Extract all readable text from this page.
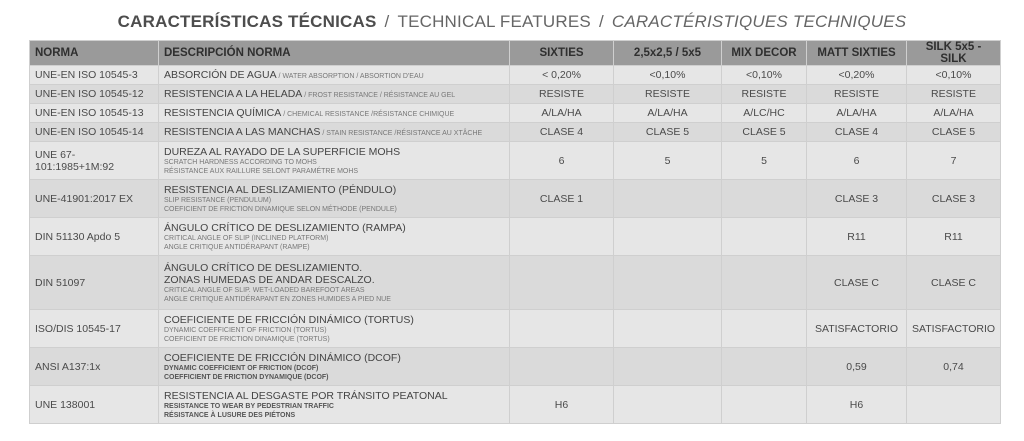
CARACTERÍSTICAS TÉCNICAS / TECHNICAL FEATURES / CARACTÉRISTIQUES TECHNIQUES
NORMA	DESCRIPCIÓN NORMA	SIXTIES	2,5x2,5 / 5x5	MIX DECOR	MATT SIXTIES	SILK 5x5 - SILK
UNE-EN ISO 10545-3	ABSORCIÓN DE AGUA / WATER ABSORPTION / ABSORTION D'EAU	< 0,20%	<0,10%	<0,10%	<0,20%	<0,10%
UNE-EN ISO 10545-12	RESISTENCIA A LA HELADA / FROST RESISTANCE / RÉSISTANCE AU GEL	RESISTE	RESISTE	RESISTE	RESISTE	RESISTE
UNE-EN ISO 10545-13	RESISTENCIA QUÍMICA / CHEMICAL RESISTANCE /RÉSISTANCE CHIMIQUE	A/LA/HA	A/LA/HA	A/LC/HC	A/LA/HA	A/LA/HA
UNE-EN ISO 10545-14	RESISTENCIA A LAS MANCHAS / STAIN RESISTANCE /RÉSISTANCE AU XTÂCHE	CLASE 4	CLASE 5	CLASE 5	CLASE 4	CLASE 5
UNE 67-101:1985+1M:92	DUREZA AL RAYADO DE LA SUPERFICIE MOHS
SCRATCH HARDNESS ACCORDING TO MOHS
RÉSISTANCE AUX RAILLURE SELONT PARAMÉTRE MOHS	6	5	5	6	7
UNE-41901:2017 EX	RESISTENCIA AL DESLIZAMIENTO (PÉNDULO)
SLIP RESISTANCE (PENDULUM)
COEFICIENT DE FRICTION DINAMIQUE SELON MÉTHODE (PENDULE)	CLASE 1			CLASE 3	CLASE 3
DIN 51130 Apdo 5	ÁNGULO CRÍTICO DE DESLIZAMIENTO (RAMPA)
CRITICAL ANGLE OF SLIP (INCLINED PLATFORM)
ANGLE CRITIQUE ANTIDÉRAPANT (RAMPE)				R11	R11
DIN 51097	ÁNGULO CRÍTICO DE DESLIZAMIENTO.
ZONAS HUMEDAS DE ANDAR DESCALZO.
CRITICAL ANGLE OF SLIP. WET-LOADED BAREFOOT AREAS
ANGLE CRITIQUE ANTIDÉRAPANT EN ZONES HUMIDES A PIED NUE				CLASE C	CLASE C
ISO/DIS 10545-17	COEFICIENTE DE FRICCIÓN DINÁMICO (TORTUS)
DYNAMIC COEFFICIENT OF FRICTION (TORTUS)
COEFICIENT DE FRICTION DINAMIQUE (TORTUS)				SATISFACTORIO	SATISFACTORIO
ANSI A137:1x	COEFICIENTE DE FRICCIÓN DINÁMICO (DCOF)
DYNAMIC COEFFICIENT OF FRICTION (DCOF)
COEFFICIENT DE FRICTION DYNAMIQUE (DCOF)				0,59	0,74
UNE 138001	RESISTENCIA AL DESGASTE POR TRÁNSITO PEATONAL
RESISTANCE TO WEAR BY PEDESTRIAN TRAFFIC
RÉSISTANCE À LUSURE DES PIÉTONS	H6			H6	
